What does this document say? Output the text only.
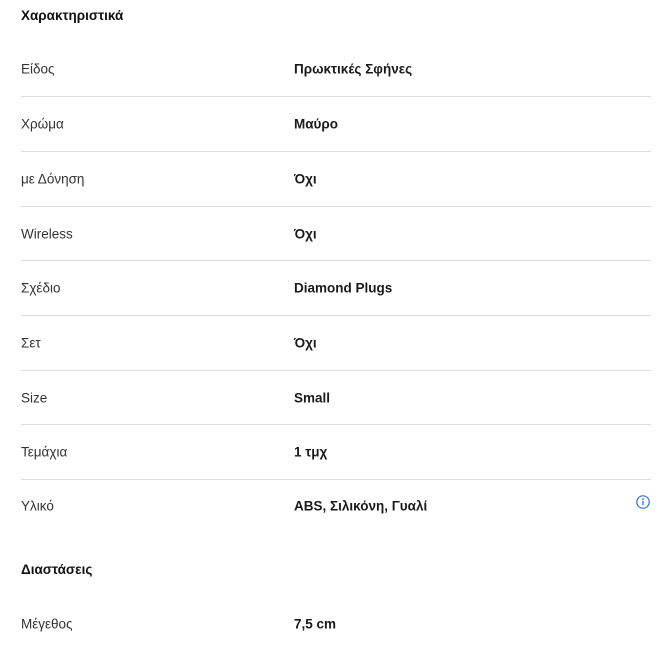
Χαρακτηριστικά
Είδος	Πρωκτικές Σφήνες
Χρώμα	Μαύρο
με Δόνηση	Όχι
Wireless	Όχι
Σχέδιο	Diamond Plugs
Σετ	Όχι
Size	Small
Τεμάχια	1 τμχ
Υλικό	ABS, Σιλικόνη, Γυαλί
Διαστάσεις
Μέγεθος	7,5 cm
